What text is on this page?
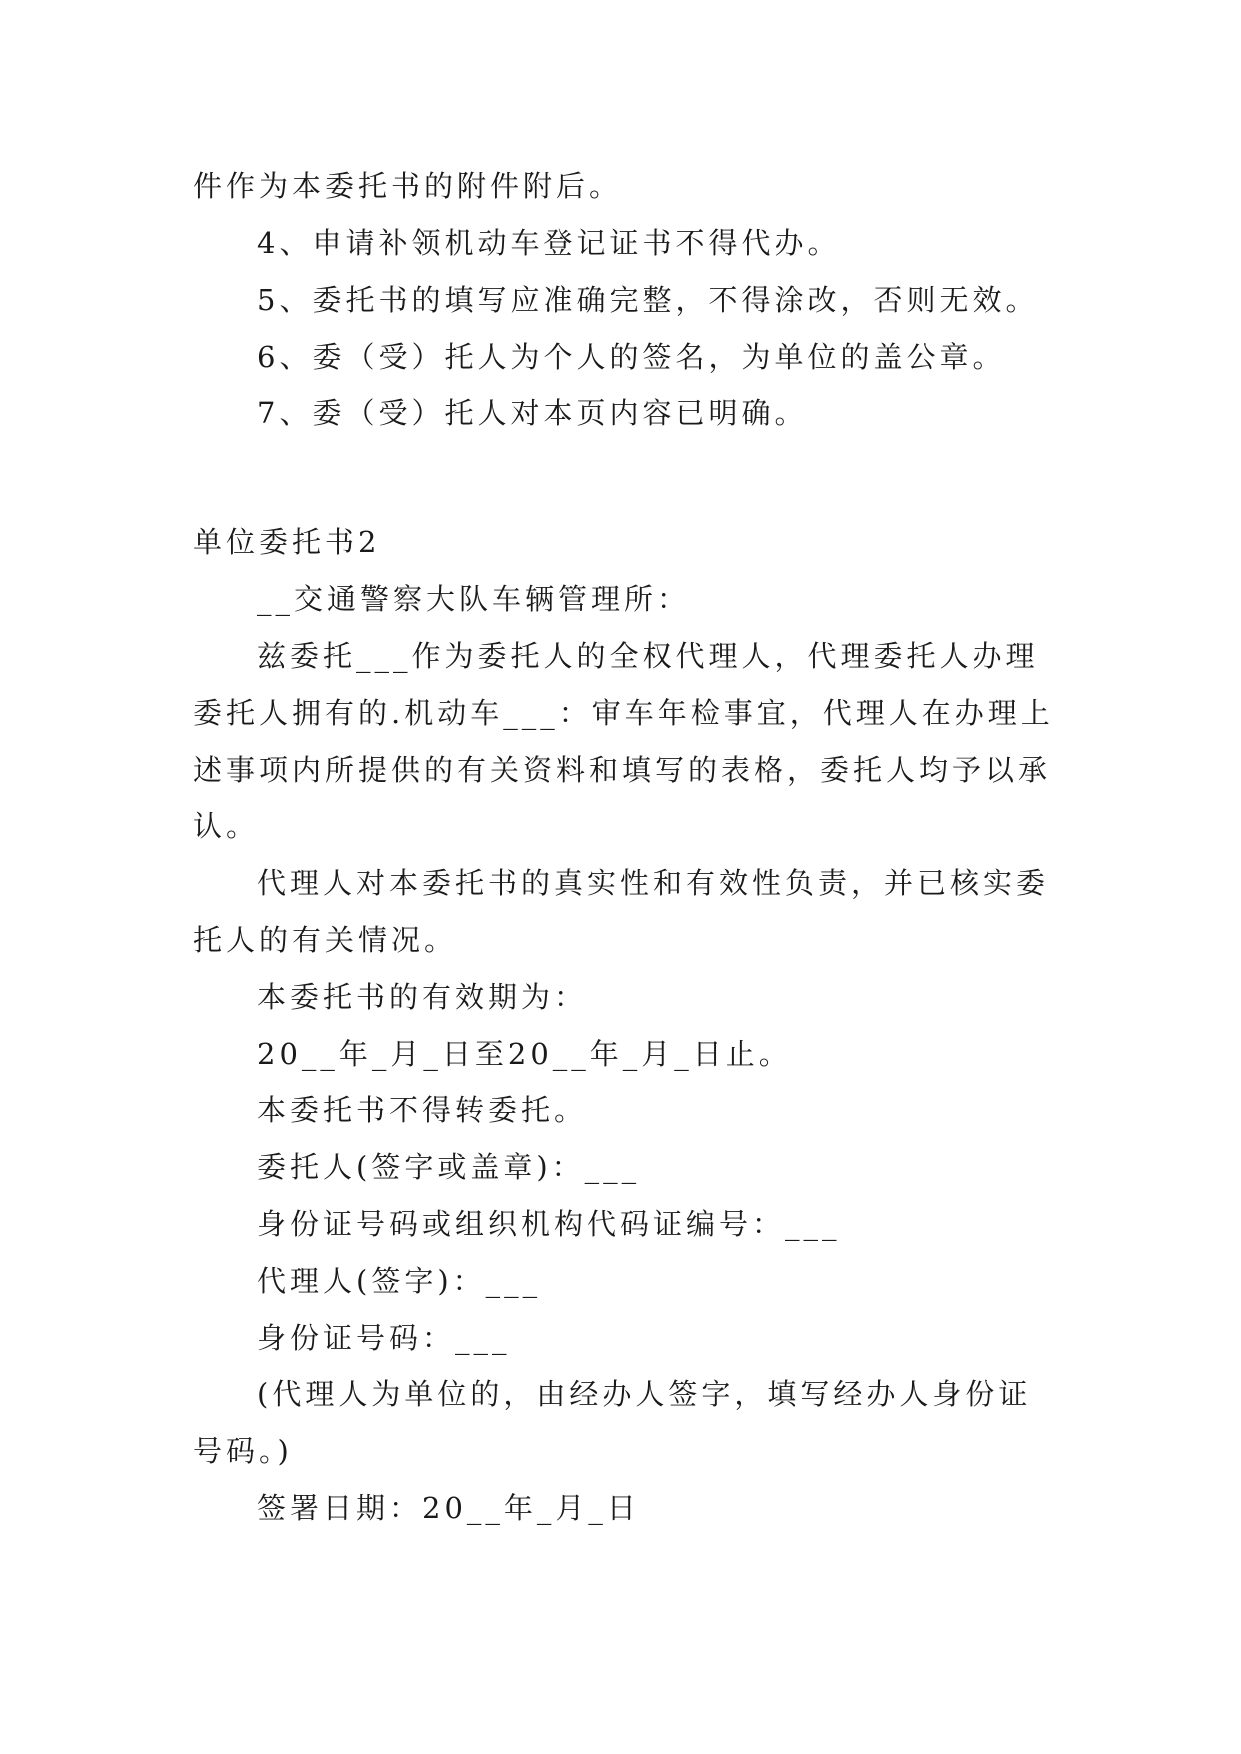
件作为本委托书的附件附后。
4、申请补领机动车登记证书不得代办。
5、委托书的填写应准确完整，不得涂改，否则无效。
6、委（受）托人为个人的签名，为单位的盖公章。
7、委（受）托人对本页内容已明确。
单位委托书2
__交通警察大队车辆管理所：
兹委托___作为委托人的全权代理人，代理委托人办理
委托人拥有的.机动车___：审车年检事宜，代理人在办理上
述事项内所提供的有关资料和填写的表格，委托人均予以承
认。
代理人对本委托书的真实性和有效性负责，并已核实委
托人的有关情况。
本委托书的有效期为：
20__年_月_日至20__年_月_日止。
本委托书不得转委托。
委托人(签字或盖章)：___
身份证号码或组织机构代码证编号：___
代理人(签字)：___
身份证号码：___
(代理人为单位的，由经办人签字，填写经办人身份证
号码。)
签署日期：20__年_月_日
